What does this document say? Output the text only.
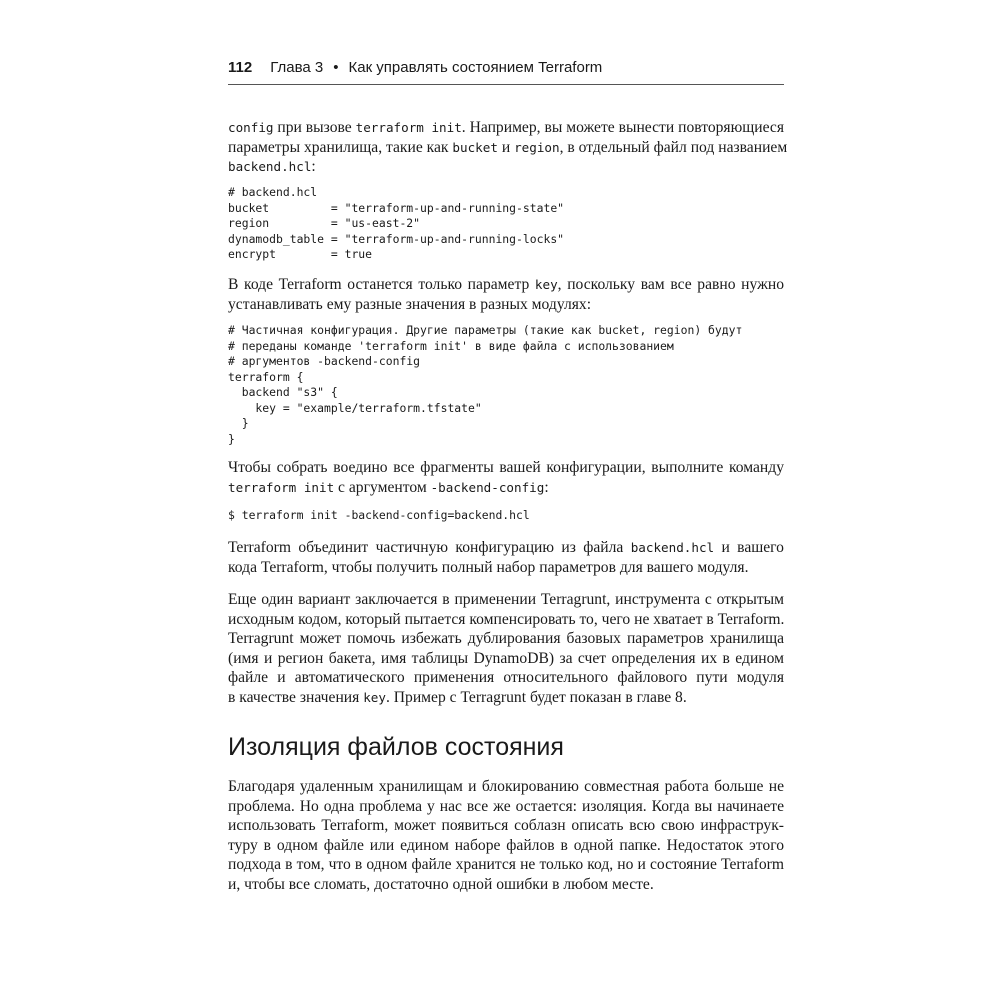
112 Глава 3 • Как управлять состоянием Terraform
config при вызове terraform init. Например, вы можете вынести повторяющиеся
параметры хранилища, такие как bucket и region, в отдельный файл под названием
backend.hcl:
# backend.hcl
bucket         = "terraform-up-and-running-state"
region         = "us-east-2"
dynamodb_table = "terraform-up-and-running-locks"
encrypt        = true
В коде Terraform останется только параметр key, поскольку вам все равно нужно
устанавливать ему разные значения в разных модулях:
# Частичная конфигурация. Другие параметры (такие как bucket, region) будут
# переданы команде 'terraform init' в виде файла с использованием
# аргументов -backend-config
terraform {
backend "s3" {
key = "example/terraform.tfstate"
}
}
Чтобы собрать воедино все фрагменты вашей конфигурации, выполните команду
terraform init с аргументом -backend-config:
$ terraform init -backend-config=backend.hcl
Terraform объединит частичную конфигурацию из файла backend.hcl и вашего
кода Terraform, чтобы получить полный набор параметров для вашего модуля.
Еще один вариант заключается в применении Terragrunt, инструмента с открытым
исходным кодом, который пытается компенсировать то, чего не хватает в Terraform.
Terragrunt может помочь избежать дублирования базовых параметров хранилища
(имя и регион бакета, имя таблицы DynamoDB) за счет определения их в едином
файле и автоматического применения относительного файлового пути модуля
в качестве значения key. Пример с Terragrunt будет показан в главе 8.
Изоляция файлов состояния
Благодаря удаленным хранилищам и блокированию совместная работа больше не
проблема. Но одна проблема у нас все же остается: изоляция. Когда вы начинаете
использовать Terraform, может появиться соблазн описать всю свою инфраструк-
туру в одном файле или едином наборе файлов в одной папке. Недостаток этого
подхода в том, что в одном файле хранится не только код, но и состояние Terraform
и, чтобы все сломать, достаточно одной ошибки в любом месте.
